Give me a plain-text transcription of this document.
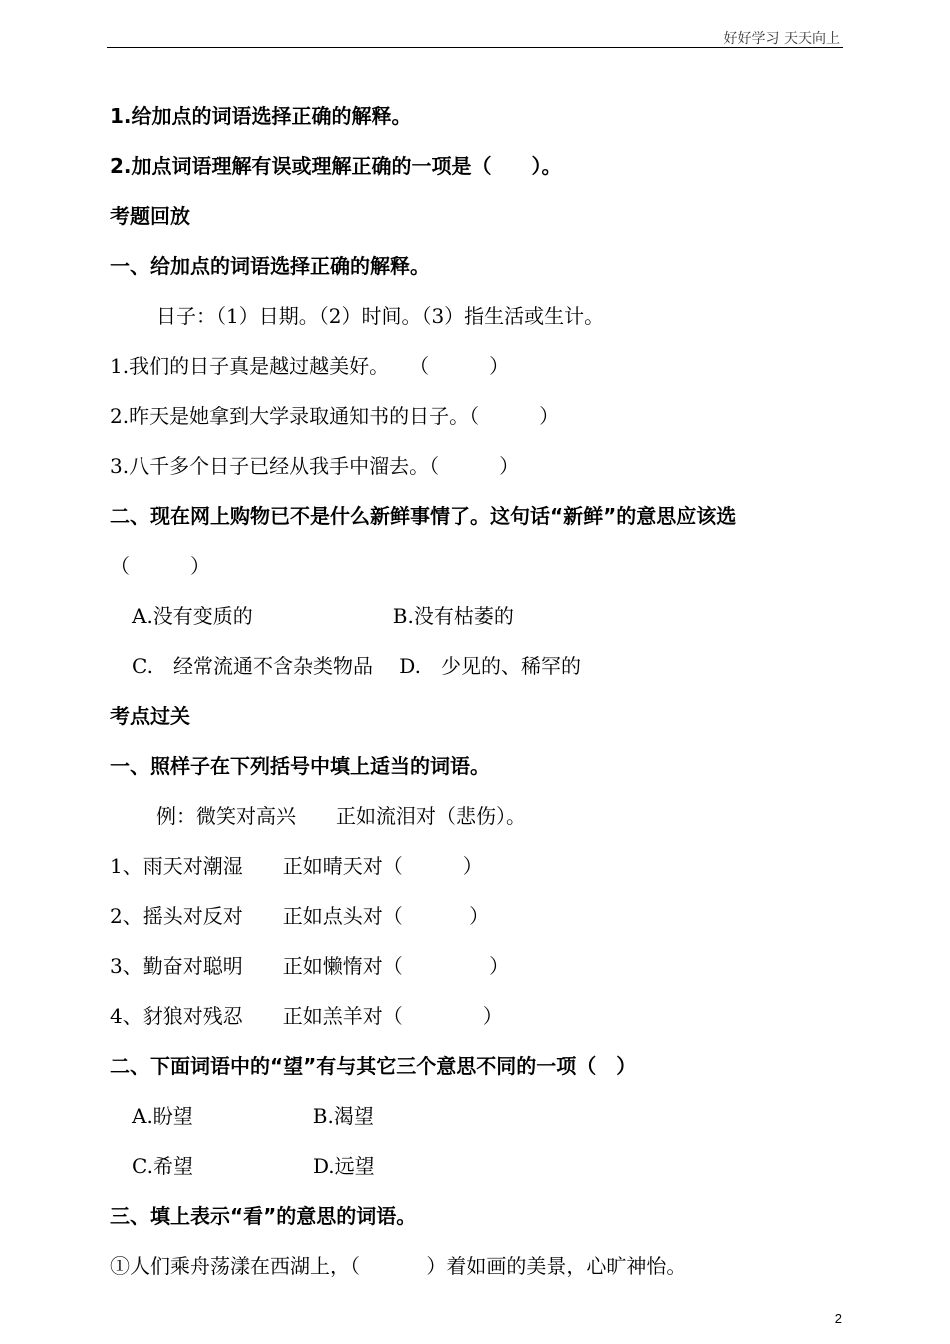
好好学习 天天向上
1.给加点的词语选择正确的解释。
2.加点词语理解有误或理解正确的一项是（　　）。
考题回放
一、给加点的词语选择正确的解释。
日子：（1）日期。（2）时间。（3）指生活或生计。
1.我们的日子真是越过越美好。　　（　　　）
2.昨天是她拿到大学录取通知书的日子。（　　　）
3.八千多个日子已经从我手中溜去。（　　　）
二、现在网上购物已不是什么新鲜事情了。这句话“新鲜”的意思应该选
（　　　）
A.没有变质的　　　　　　　B.没有枯萎的
C.　经常流通不含杂类物品　 D.　少见的、稀罕的
考点过关
一、照样子在下列括号中填上适当的词语。
例：微笑对高兴　　正如流泪对（悲伤）。
1、雨天对潮湿　　正如晴天对（　　　）
2、摇头对反对　　正如点头对（　　　 ）
3、勤奋对聪明　　正如懒惰对（　　　　 ）
4、豺狼对残忍　　正如羔羊对（　　　　）
二、下面词语中的“望”有与其它三个意思不同的一项（　）
A.盼望　　　　　　B.渴望
C.希望　　　　　　D.远望
三、填上表示“看”的意思的词语。
①人们乘舟荡漾在西湖上，（　　　 ）着如画的美景，心旷神怡。
2
